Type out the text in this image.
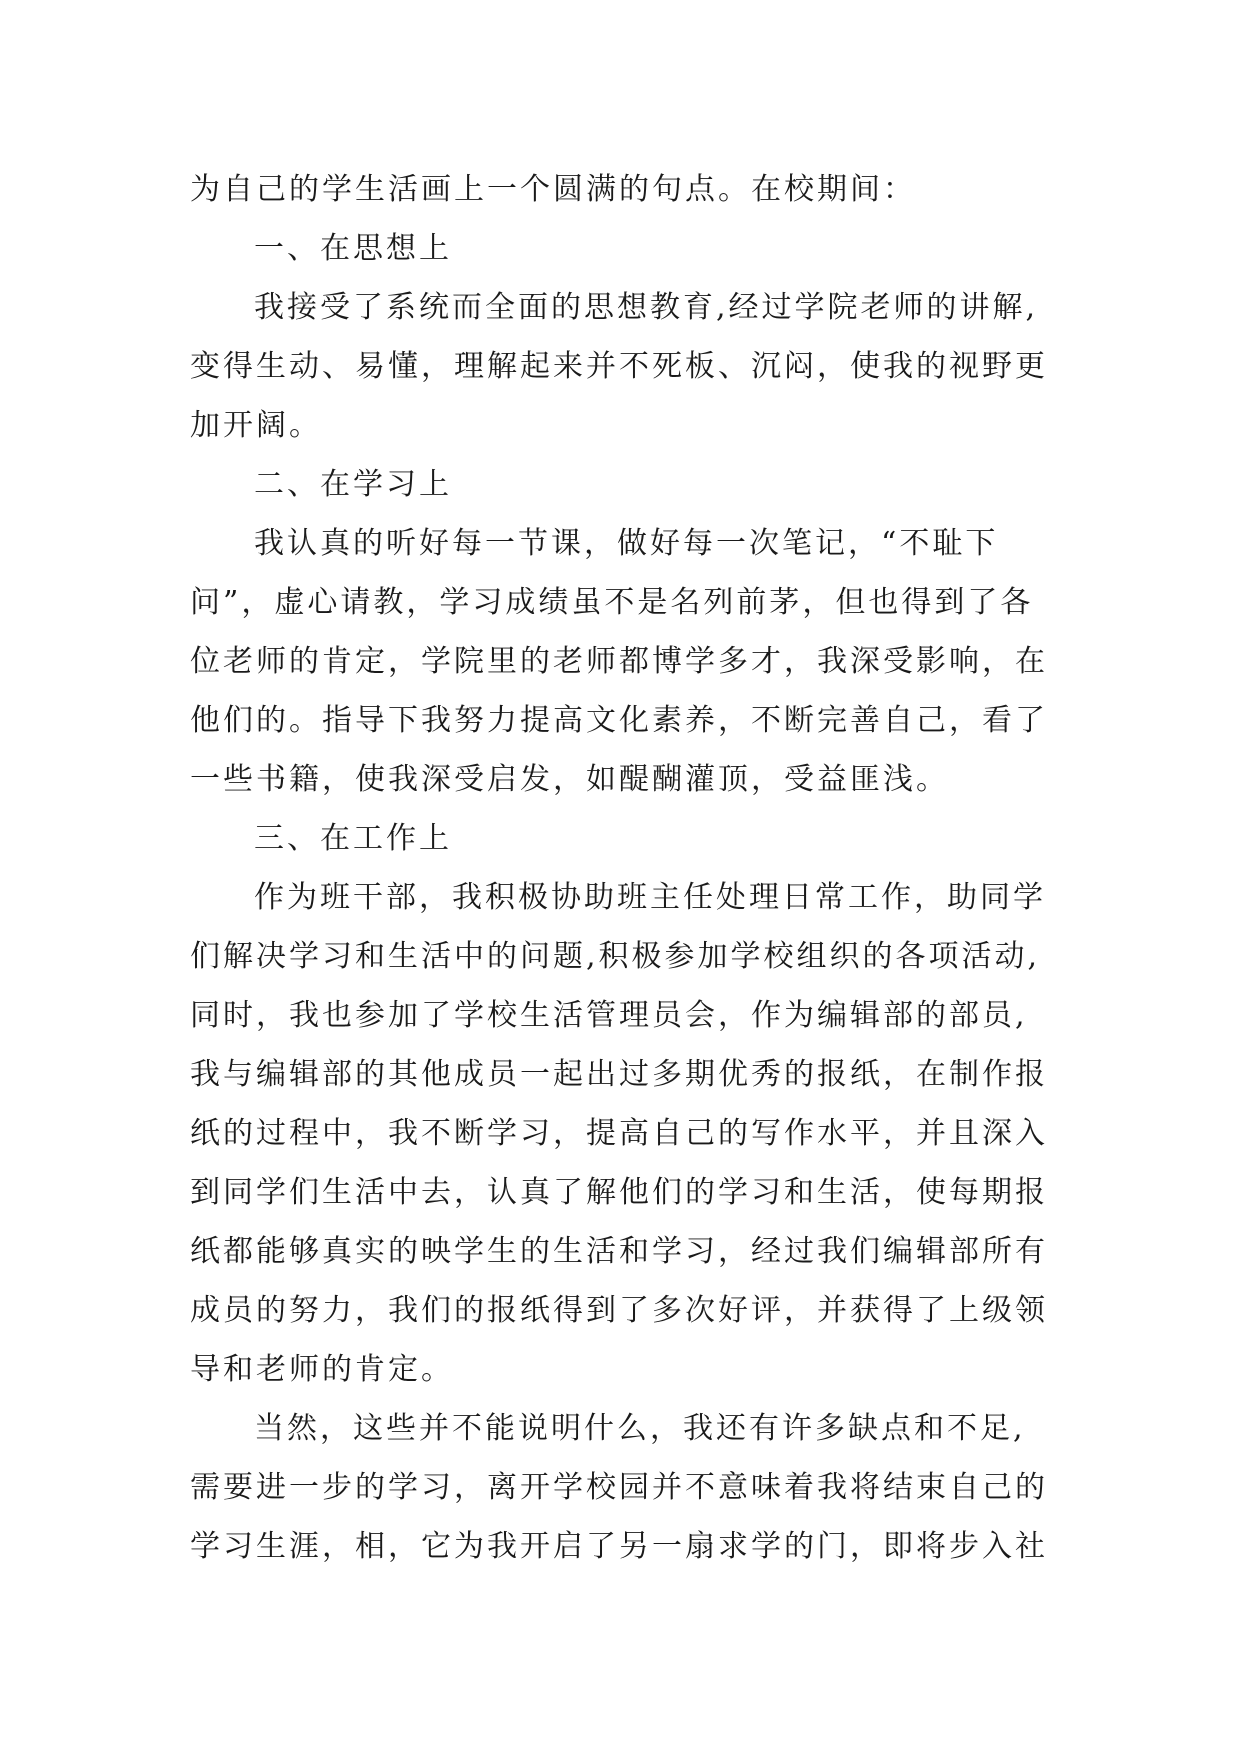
为自己的学生活画上一个圆满的句点。在校期间：
一、在思想上
我接受了系统而全面的思想教育,经过学院老师的讲解,
变得生动、易懂，理解起来并不死板、沉闷，使我的视野更
加开阔。
二、在学习上
我认真的听好每一节课，做好每一次笔记，“不耻下
问”，虚心请教，学习成绩虽不是名列前茅，但也得到了各
位老师的肯定，学院里的老师都博学多才，我深受影响，在
他们的。指导下我努力提高文化素养，不断完善自己，看了
一些书籍，使我深受启发，如醍醐灌顶，受益匪浅。
三、在工作上
作为班干部，我积极协助班主任处理日常工作，助同学
们解决学习和生活中的问题,积极参加学校组织的各项活动,
同时，我也参加了学校生活管理员会，作为编辑部的部员,
我与编辑部的其他成员一起出过多期优秀的报纸，在制作报
纸的过程中，我不断学习，提高自己的写作水平，并且深入
到同学们生活中去，认真了解他们的学习和生活，使每期报
纸都能够真实的映学生的生活和学习，经过我们编辑部所有
成员的努力，我们的报纸得到了多次好评，并获得了上级领
导和老师的肯定。
当然，这些并不能说明什么，我还有许多缺点和不足,
需要进一步的学习，离开学校园并不意味着我将结束自己的
学习生涯，相，它为我开启了另一扇求学的门，即将步入社
